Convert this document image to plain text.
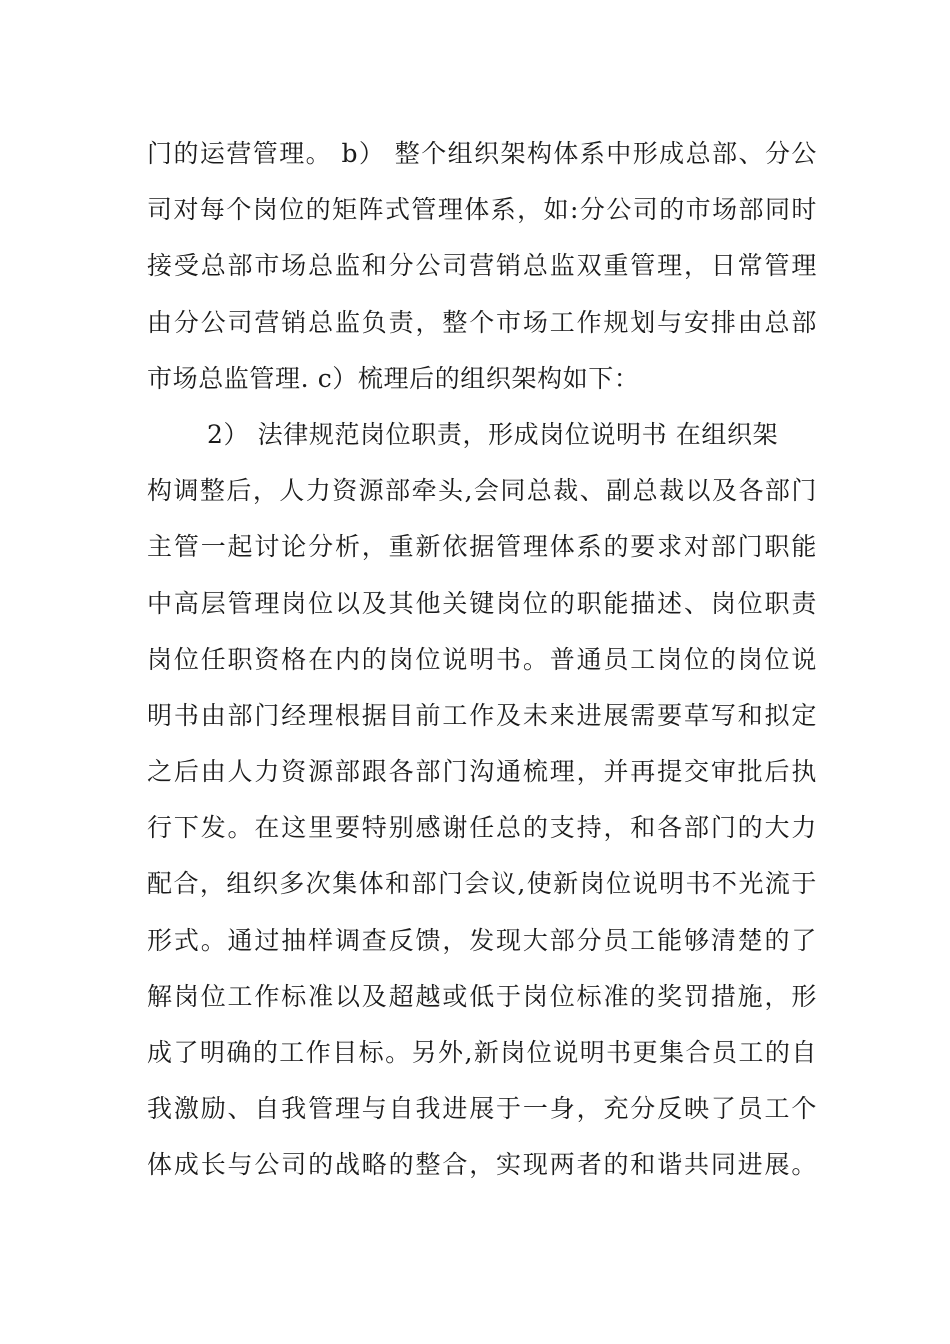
门的运营管理。 b） 整个组织架构体系中形成总部、分公
司对每个岗位的矩阵式管理体系，如:分公司的市场部同时
接受总部市场总监和分公司营销总监双重管理，日常管理
由分公司营销总监负责，整个市场工作规划与安排由总部
市场总监管理. c）梳理后的组织架构如下：
2） 法律规范岗位职责，形成岗位说明书 在组织架
构调整后，人力资源部牵头,会同总裁、副总裁以及各部门
主管一起讨论分析，重新依据管理体系的要求对部门职能
中高层管理岗位以及其他关键岗位的职能描述、岗位职责
岗位任职资格在内的岗位说明书。普通员工岗位的岗位说
明书由部门经理根据目前工作及未来进展需要草写和拟定
之后由人力资源部跟各部门沟通梳理，并再提交审批后执
行下发。在这里要特别感谢任总的支持，和各部门的大力
配合，组织多次集体和部门会议,使新岗位说明书不光流于
形式。通过抽样调查反馈，发现大部分员工能够清楚的了
解岗位工作标准以及超越或低于岗位标准的奖罚措施，形
成了明确的工作目标。另外,新岗位说明书更集合员工的自
我激励、自我管理与自我进展于一身，充分反映了员工个
体成长与公司的战略的整合，实现两者的和谐共同进展。
